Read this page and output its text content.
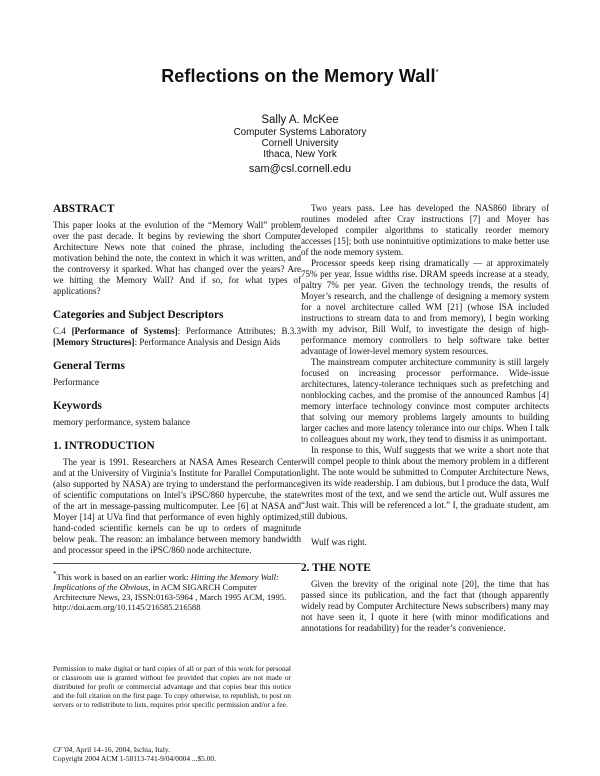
Reflections on the Memory Wall*
Sally A. McKee
Computer Systems Laboratory
Cornell University
Ithaca, New York
sam@csl.cornell.edu
ABSTRACT

This paper looks at the evolution of the “Memory Wall” problem over the past decade. It begins by reviewing the short Computer Architecture News note that coined the phrase, including the motivation behind the note, the context in which it was written, and the controversy it sparked. What has changed over the years? Are we hitting the Memory Wall? And if so, for what types of applications?

Categories and Subject Descriptors

C.4 [Performance of Systems]: Performance Attributes; B.3.3 [Memory Structures]: Performance Analysis and Design Aids

General Terms

Performance

Keywords

memory performance, system balance

1. INTRODUCTION

The year is 1991. Researchers at NASA Ames Research Center and at the University of Virginia’s Institute for Parallel Computation (also supported by NASA) are trying to understand the performance of scientific computations on Intel’s iPSC/860 hypercube, the state of the art in message-passing multicomputer. Lee [6] at NASA and Moyer [14] at UVa find that performance of even highly optimized, hand-coded scientific kernels can be up to orders of magnitude below peak. The reason: an imbalance between memory bandwidth and processor speed in the iPSC/860 node architecture.

*This work is based on an earlier work: Hitting the Memory Wall: Implications of the Obvious, in ACM SIGARCH Computer Architecture News, 23, ISSN:0163-5964 , March 1995 ACM, 1995. http://doi.acm.org/10.1145/216585.216588
Permission to make digital or hard copies of all or part of this work for personal or classroom use is granted without fee provided that copies are not made or distributed for profit or commercial advantage and that copies bear this notice and the full citation on the first page. To copy otherwise, to republish, to post on servers or to redistribute to lists, requires prior specific permission and/or a fee.
CF’04, April 14–16, 2004, Ischia, Italy.
Copyright 2004 ACM 1-58113-741-9/04/0004 ...$5.00.

Two years pass. Lee has developed the NAS860 library of routines modeled after Cray instructions [7] and Moyer has developed compiler algorithms to statically reorder memory accesses [15]; both use nonintuitive optimizations to make better use of the node memory system.

Processor speeds keep rising dramatically — at approximately 75% per year. Issue widths rise. DRAM speeds increase at a steady, paltry 7% per year. Given the technology trends, the results of Moyer’s research, and the challenge of designing a memory system for a novel architecture called WM [21] (whose ISA included instructions to stream data to and from memory), I begin working with my advisor, Bill Wulf, to investigate the design of high-performance memory controllers to help software take better advantage of lower-level memory system resources.

The mainstream computer architecture community is still largely focused on increasing processor performance. Wide-issue architectures, latency-tolerance techniques such as prefetching and nonblocking caches, and the promise of the announced Rambus [4] memory interface technology convince most computer architects that solving our memory problems largely amounts to building larger caches and more latency tolerance into our chips. When I talk to colleagues about my work, they tend to dismiss it as unimportant.

In response to this, Wulf suggests that we write a short note that will compel people to think about the memory problem in a different light. The note would be submitted to Computer Architecture News, given its wide readership. I am dubious, but I produce the data, Wulf writes most of the text, and we send the article out. Wulf assures me “Just wait. This will be referenced a lot.” I, the graduate student, am still dubious.

Wulf was right.

2. THE NOTE

Given the brevity of the original note [20], the time that has passed since its publication, and the fact that (though apparently widely read by Computer Architecture News subscribers) many may not have seen it, I quote it here (with minor modifications and annotations for readability) for the reader’s convenience.
